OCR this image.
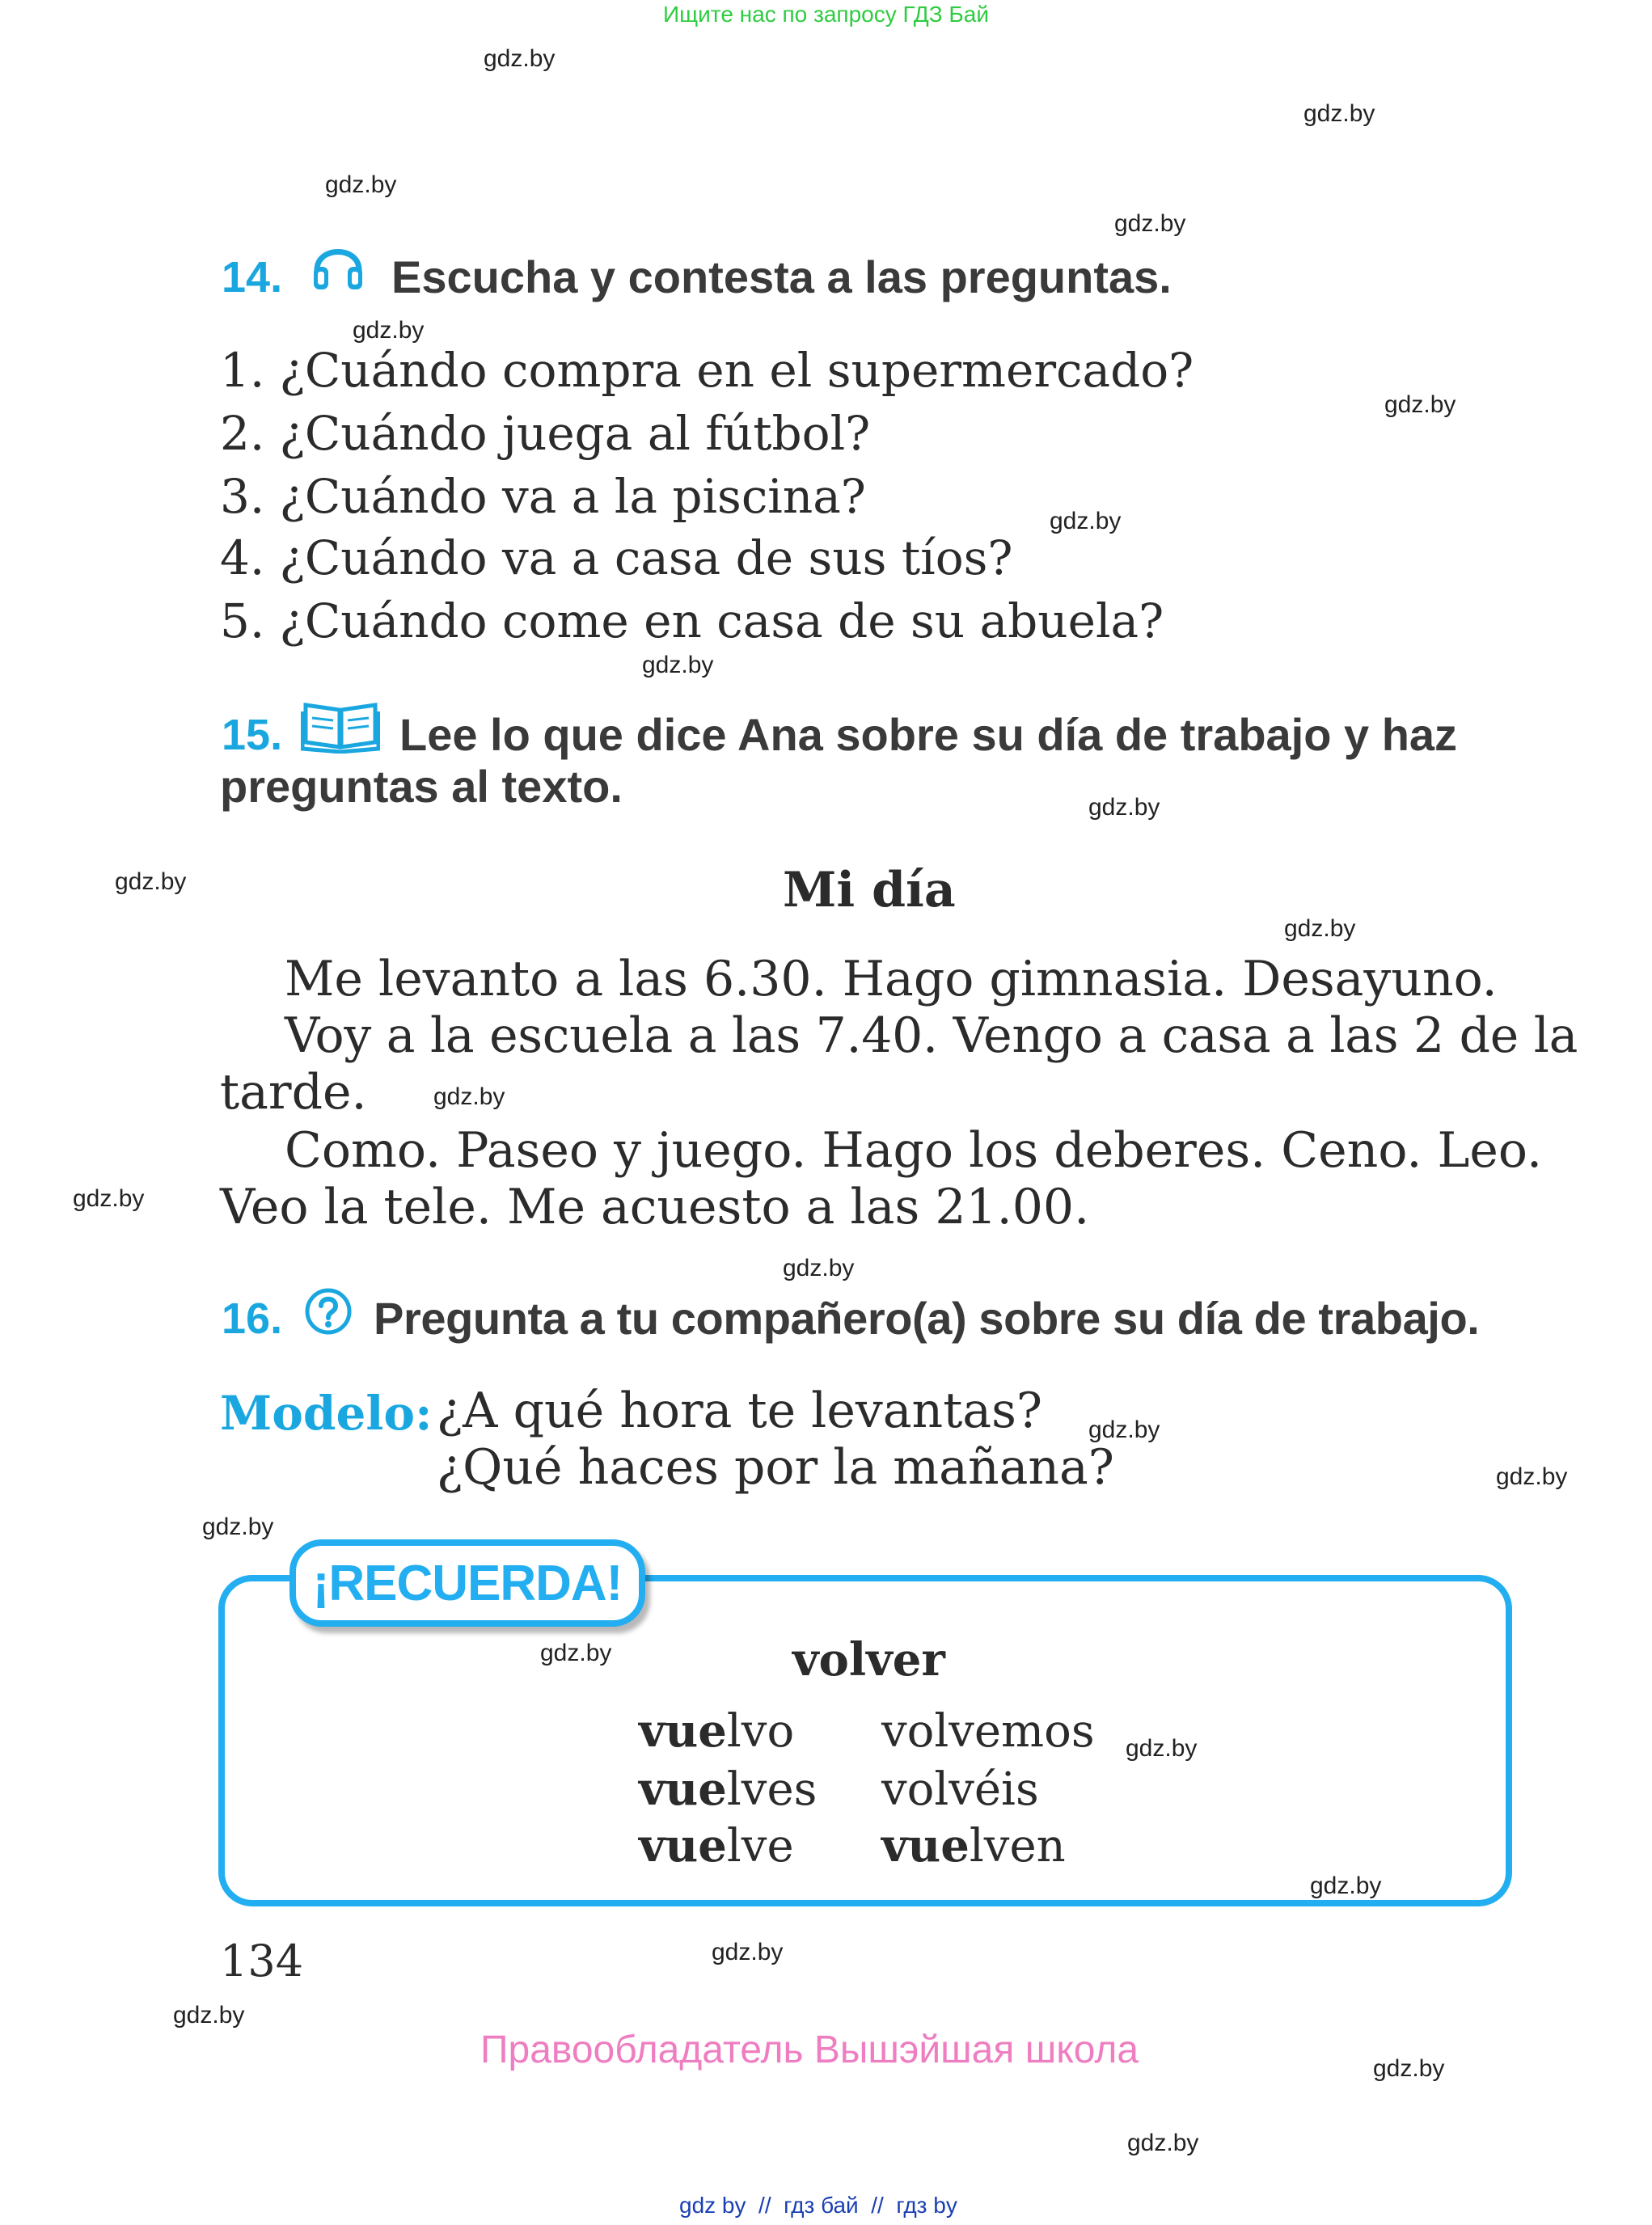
Ищите нас по запросу ГДЗ Бай
gdz.by
gdz.by
gdz.by
gdz.by
gdz.by
gdz.by
gdz.by
gdz.by
gdz.by
gdz.by
gdz.by
gdz.by
gdz.by
gdz.by
gdz.by
gdz.by
gdz.by
gdz.by
gdz.by
gdz.by
gdz.by
gdz.by
gdz.by
gdz.by
14. Escucha y contesta a las preguntas.
1. ¿Cuándo compra en el supermercado?
2. ¿Cuándo juega al fútbol?
3. ¿Cuándo va a la piscina?
4. ¿Cuándo va a casa de sus tíos?
5. ¿Cuándo come en casa de su abuela?
15.	Lee lo que dice Ana sobre su día de trabajo y haz
preguntas al texto.
Mi día
Me levanto a las 6.30. Hago gimnasia. Desayuno.
Voy a la escuela a las 7.40. Vengo a casa a las 2 de la
tarde.
Como. Paseo y juego. Hago los deberes. Ceno. Leo.
Veo la tele. Me acuesto a las 21.00.
16. Pregunta a tu compañero(a) sobre su día de trabajo.
Modelo: ¿A qué hora te levantas?
¿Qué haces por la mañana?
¡RECUERDA!
volver
vuelvo
vuelves
vuelve
volvemos
volvéis
vuelven
134
Правообладатель Вышэйшая школа
gdz by  //  гдз бай  //  гдз by
